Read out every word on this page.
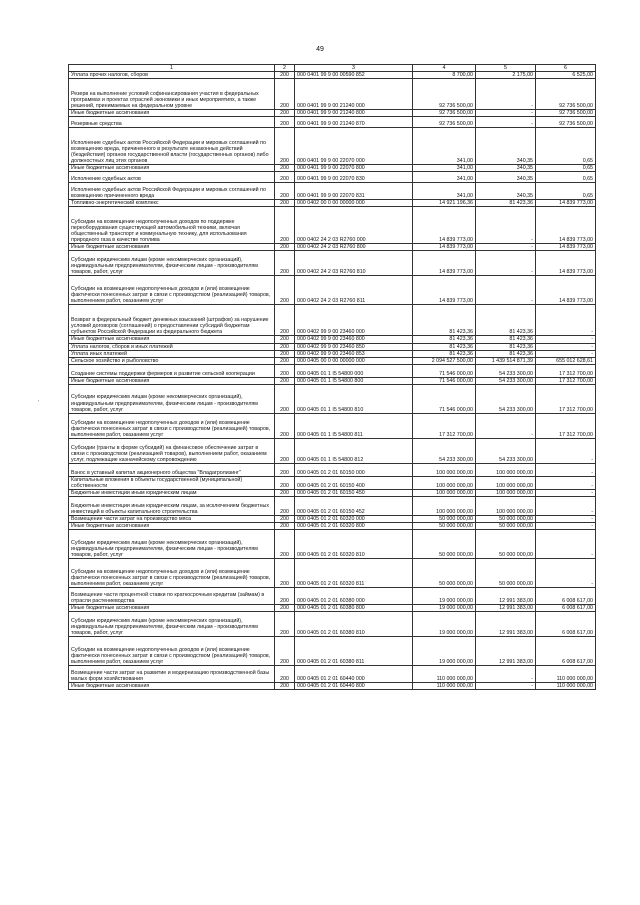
49
ʼ
1	2	3	4	5	6
Уплата прочих налогов, сборов	200	000 0401 99 9 00 00590 852	8 700,00	2 175,00	6 525,00
Резерв на выполнение условий софинансирования участия в федеральных программах и проектах отраслей экономики и иных мероприятиях, а также решений, принимаемых на федеральном уровне	200	000 0401 99 9 00 21240 000	92 736 500,00	-	92 736 500,00
Иные бюджетные ассигнования	200	000 0401 99 9 00 21240 800	92 736 500,00	-	92 736 500,00
Резервные средства	200	000 0401 99 9 00 21240 870	92 736 500,00	-	92 736 500,00
Исполнение судебных актов Российской Федерации и мировых соглашений по возмещению вреда, причиненного в результате незаконных действий (бездействия) органов государственной власти (государственных органов) либо должностных лиц этих органов	200	000 0401 99 9 00 22070 000	341,00	340,35	0,65
Иные бюджетные ассигнования	200	000 0401 99 9 00 22070 800	341,00	340,35	0,65
Исполнение судебных актов	200	000 0401 99 9 00 22070 830	341,00	340,35	0,65
Исполнение судебных актов Российской Федерации и мировых соглашений по возмещению причиненного вреда	200	000 0401 99 9 00 22070 831	341,00	340,35	0,65
Топливно-энергетический комплекс	200	000 0402 00 0 00 00000 000	14 921 196,36	81 423,36	14 839 773,00
Субсидии на возмещение недополученных доходов по поддержке переоборудования существующей автомобильной техники, включая общественный транспорт и коммунальную технику, для использования природного газа в качестве топлива	200	000 0402 24 2 03 R2760 000	14 839 773,00	-	14 839 773,00
Иные бюджетные ассигнования	200	000 0402 24 2 03 R2760 800	14 839 773,00	-	14 839 773,00
Субсидии юридическим лицам (кроме некоммерческих организаций), индивидуальным предпринимателям, физическим лицам - производителям товаров, работ, услуг	200	000 0402 24 2 03 R2760 810	14 839 773,00	-	14 839 773,00
Субсидии на возмещение недополученных доходов и (или) возмещение фактически понесенных затрат в связи с производством (реализацией) товаров, выполнением работ, оказанием услуг	200	000 0402 24 2 03 R2760 811	14 839 773,00	-	14 839 773,00
Возврат в федеральный бюджет денежных взысканий (штрафов) за нарушение условий договоров (соглашений) о предоставлении субсидий бюджетам субъектов Российской Федерации из федерального бюджета	200	000 0402 99 9 00 23460 000	81 423,36	81 423,36	-
Иные бюджетные ассигнования	200	000 0402 99 9 00 23460 800	81 423,36	81 423,36	-
Уплата налогов, сборов и иных платежей	200	000 0402 99 9 00 23460 850	81 423,36	81 423,36	-
Уплата иных платежей	200	000 0402 99 9 00 23460 853	81 423,36	81 423,36	-
Сельское хозяйство и рыболовство	200	000 0405 00 0 00 00000 000	2 094 527 500,00	1 439 514 871,39	655 012 628,61
Создание системы поддержки фермеров и развитие сельской кооперации	200	000 0405 01 1 I5 54800 000	71 546 000,00	54 233 300,00	17 312 700,00
Иные бюджетные ассигнования	200	000 0405 01 1 I5 54800 800	71 546 000,00	54 233 300,00	17 312 700,00
Субсидии юридическим лицам (кроме некоммерческих организаций), индивидуальным предпринимателям, физическим лицам - производителям товаров, работ, услуг	200	000 0405 01 1 I5 54800 810	71 546 000,00	54 233 300,00	17 312 700,00
Субсидии на возмещение недополученных доходов и (или) возмещение фактически понесенных затрат в связи с производством (реализацией) товаров, выполнением работ, оказанием услуг	200	000 0405 01 1 I5 54800 811	17 312 700,00	-	17 312 700,00
Субсидии (гранты в форме субсидий) на финансовое обеспечение затрат в связи с производством (реализацией товаров), выполнением работ, оказанием услуг, подлежащие казначейскому сопровождению	200	000 0405 01 1 I5 54800 812	54 233 300,00	54 233 300,00	-
Взнос в уставный капитал акционерного общества "Владагролизинг"	200	000 0405 01 2 01 60150 000	100 000 000,00	100 000 000,00	-
Капитальные вложения в объекты государственной (муниципальной) собственности	200	000 0405 01 2 01 60150 400	100 000 000,00	100 000 000,00	-
Бюджетные инвестиции иным юридическим лицам	200	000 0405 01 2 01 60150 450	100 000 000,00	100 000 000,00	-
Бюджетные инвестиции иным юридическим лицам, за исключением бюджетных инвестиций в объекты капитального строительства	200	000 0405 01 2 01 60150 452	100 000 000,00	100 000 000,00	-
Возмещение части затрат на производство мяса	200	000 0405 01 2 01 60320 000	50 000 000,00	50 000 000,00	-
Иные бюджетные ассигнования	200	000 0405 01 2 01 60320 800	50 000 000,00	50 000 000,00	-
Субсидии юридическим лицам (кроме некоммерческих организаций), индивидуальным предпринимателям, физическим лицам - производителям товаров, работ, услуг	200	000 0405 01 2 01 60320 810	50 000 000,00	50 000 000,00	-
Субсидии на возмещение недополученных доходов и (или) возмещение фактически понесенных затрат в связи с производством (реализацией) товаров, выполнением работ, оказанием услуг	200	000 0405 01 2 01 60320 811	50 000 000,00	50 000 000,00	-
Возмещение части процентной ставки по краткосрочным кредитам (займам) в отрасли растениеводства	200	000 0405 01 2 01 60380 000	19 000 000,00	12 991 383,00	6 008 617,00
Иные бюджетные ассигнования	200	000 0405 01 2 01 60380 800	19 000 000,00	12 991 383,00	6 008 617,00
Субсидии юридическим лицам (кроме некоммерческих организаций), индивидуальным предпринимателям, физическим лицам - производителям товаров, работ, услуг	200	000 0405 01 2 01 60380 810	19 000 000,00	12 991 383,00	6 008 617,00
Субсидии на возмещение недополученных доходов и (или) возмещение фактически понесенных затрат в связи с производством (реализацией) товаров, выполнением работ, оказанием услуг	200	000 0405 01 2 01 60380 811	19 000 000,00	12 991 383,00	6 008 617,00
Возмещение части затрат на развитие и модернизацию производственной базы малых форм хозяйствования	200	000 0405 01 2 01 60440 000	110 000 000,00	-	110 000 000,00
Иные бюджетные ассигнования	200	000 0405 01 2 01 60440 800	110 000 000,00	-	110 000 000,00
